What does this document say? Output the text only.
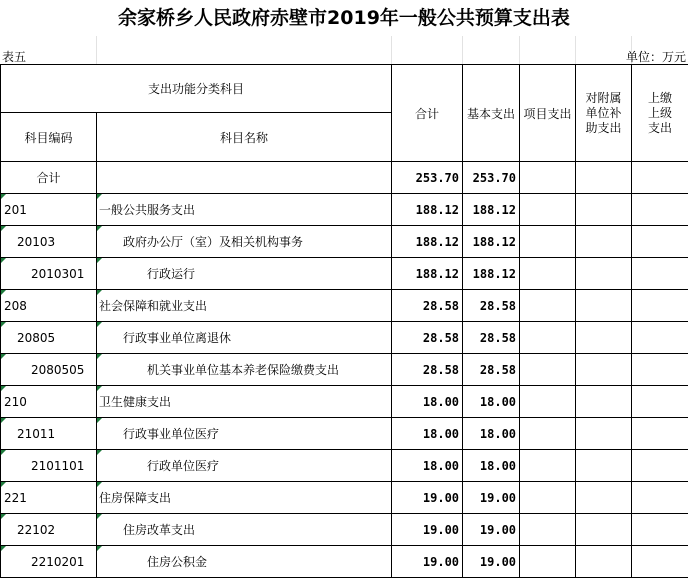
余家桥乡人民政府赤壁市2019年一般公共预算支出表
表五	单位：万元
支出功能分类科目		合计	基本支出	项目支出	对附属单位补助支出	上缴上级支出

科目编码	科目名称					
合计		253.70	253.70			
201	一般公共服务支出	188.12	188.12			
20103	政府办公厅（室）及相关机构事务	188.12	188.12			
2010301	行政运行	188.12	188.12			
208	社会保障和就业支出	28.58	28.58			
20805	行政事业单位离退休	28.58	28.58			
2080505	机关事业单位基本养老保险缴费支出	28.58	28.58			
210	卫生健康支出	18.00	18.00			
21011	行政事业单位医疗	18.00	18.00			
2101101	行政单位医疗	18.00	18.00			
221	住房保障支出	19.00	19.00			
22102	住房改革支出	19.00	19.00			
2210201	住房公积金	19.00	19.00			
